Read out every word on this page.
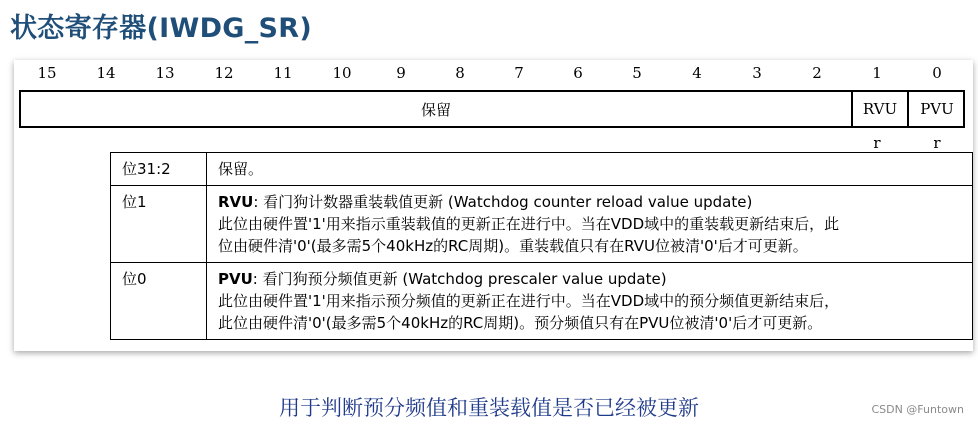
状态寄存器(IWDG_SR)
15	14	13	12	11	10	9	8	7	6	5	4	3	2	1	0
保留	RVU	PVU
r	r
位31:2	保留。
位1	RVU: 看门狗计数器重装载值更新 (Watchdog counter reload value update)
此位由硬件置'1'用来指示重装载值的更新正在进行中。当在VDD域中的重装载更新结束后，此
位由硬件清'0'(最多需5个40kHz的RC周期)。重装载值只有在RVU位被清'0'后才可更新。

位0	PVU: 看门狗预分频值更新 (Watchdog prescaler value update)
此位由硬件置'1'用来指示预分频值的更新正在进行中。当在VDD域中的预分频值更新结束后，
此位由硬件清'0'(最多需5个40kHz的RC周期)。预分频值只有在PVU位被清'0'后才可更新。
用于判断预分频值和重装载值是否已经被更新	CSDN @Funtown
